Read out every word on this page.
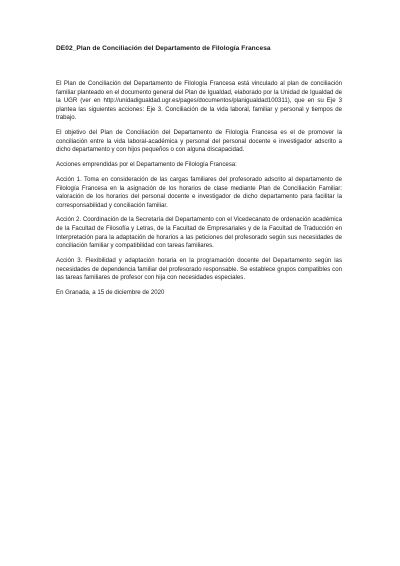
DE02_Plan de Conciliación del Departamento de Filología Francesa

El Plan de Conciliación del Departamento de Filología Francesa está vinculado al plan de conciliación familiar planteado en el documento general del Plan de Igualdad, elaborado por la Unidad de Igualdad de la UGR (ver en http://unidadigualdad.ugr.es/pages/documentos/planigualdad100311), que en su Eje 3 plantea las siguientes acciones: Eje 3. Conciliación de la vida laboral, familiar y personal y tiempos de trabajo.

El objetivo del Plan de Conciliación del Departamento de Filología Francesa es el de promover la conciliación entre la vida laboral-académica y personal del personal docente e investigador adscrito a dicho departamento y con hijos pequeños o con alguna discapacidad.

Acciones emprendidas por el Departamento de Filología Francesa:

Acción 1. Toma en consideración de las cargas familiares del profesorado adscrito al departamento de Filología Francesa en la asignación de los horarios de clase mediante Plan de Conciliación Familiar: valoración de los horarios del personal docente e investigador de dicho departamento para facilitar la corresponsabilidad y conciliación familiar.

Acción 2. Coordinación de la Secretaría del Departamento con el Vicedecanato de ordenación académica de la Facultad de Filosofía y Letras, de la Facultad de Empresariales y de la Facultad de Traducción en Interpretación para la adaptación de horarios a las peticiones del profesorado según sus necesidades de conciliación familiar y compatibilidad con tareas familiares.

Acción 3. Flexibilidad y adaptación horaria en la programación docente del Departamento según las necesidades de dependencia familiar del profesorado responsable. Se establece grupos compatibles con las tareas familiares de profesor con hija con necesidades especiales.

En Granada, a 15 de diciembre de 2020
